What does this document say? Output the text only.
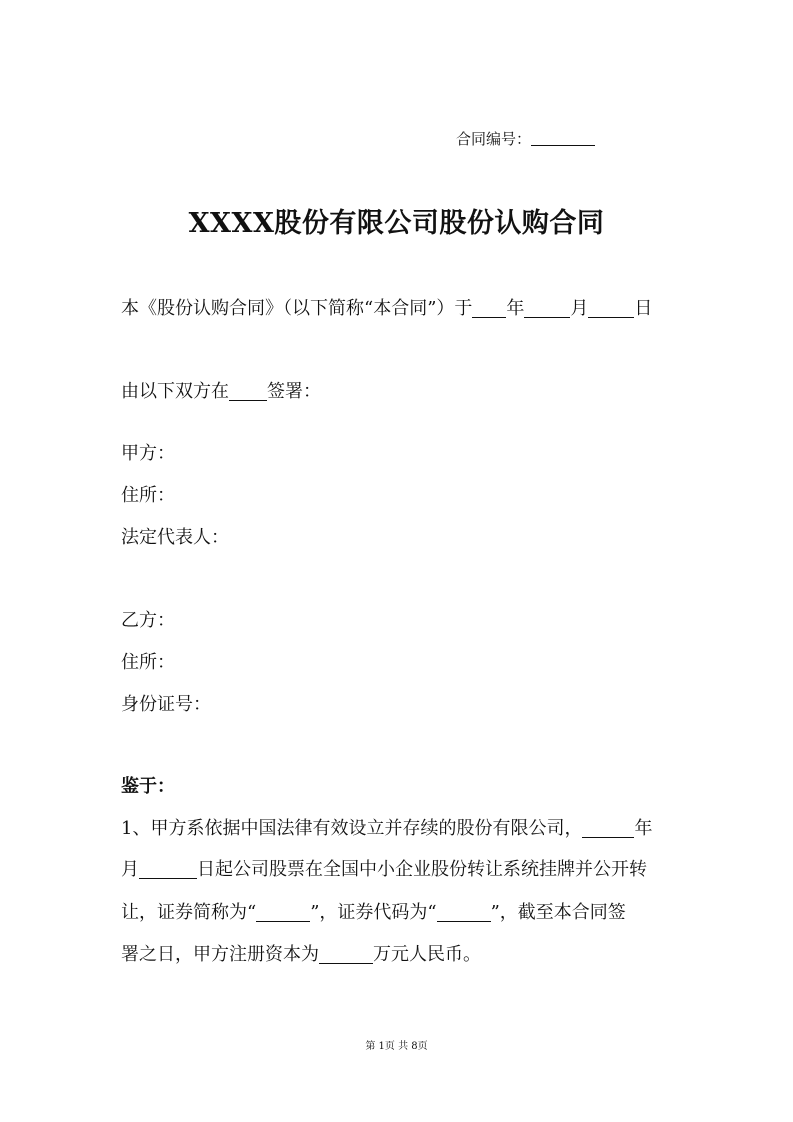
合同编号：
XXXX股份有限公司股份认购合同
本《股份认购合同》（以下简称“本合同”）于 年	月	日
由以下双方在 签署：
甲方：
住所：
法定代表人：
乙方：
住所：
身份证号：
鉴于：
1、甲方系依据中国法律有效设立并存续的股份有限公司，	年
月	日起公司股票在全国中小企业股份转让系统挂牌并公开转
让，证券简称为“	”，证券代码为“	”，截至本合同签
署之日，甲方注册资本为	万元人民币。
第 1页 共 8页
